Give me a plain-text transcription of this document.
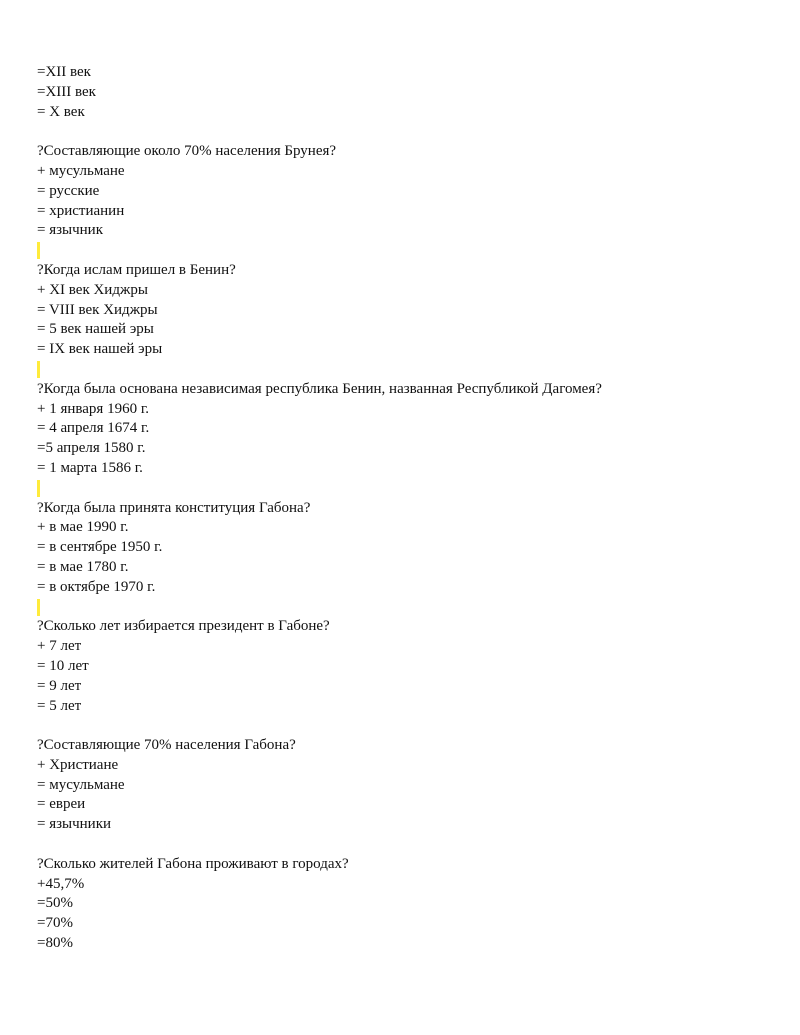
=XII век
=XIII век
= X век
?Составляющие около 70% населения Брунея?
+ мусульмане
= русские
= христианин
= язычник
?Когда ислам пришел в Бенин?
+ XI век Хиджры
= VIII век Хиджры
= 5 век нашей эры
= IX век нашей эры
?Когда была основана независимая республика Бенин, названная Республикой Дагомея?
+ 1 января 1960 г.
= 4 апреля 1674 г.
=5 апреля 1580 г.
= 1 марта 1586 г.
?Когда была принята конституция Габона?
+ в мае 1990 г.
= в сентябре 1950 г.
= в мае 1780 г.
= в октябре 1970 г.
?Сколько лет избирается президент в Габоне?
+ 7 лет
= 10 лет
= 9 лет
= 5 лет
?Составляющие 70% населения Габона?
+ Христиане
= мусульмане
= евреи
= язычники
?Сколько жителей Габона проживают в городах?
+45,7%
=50%
=70%
=80%
